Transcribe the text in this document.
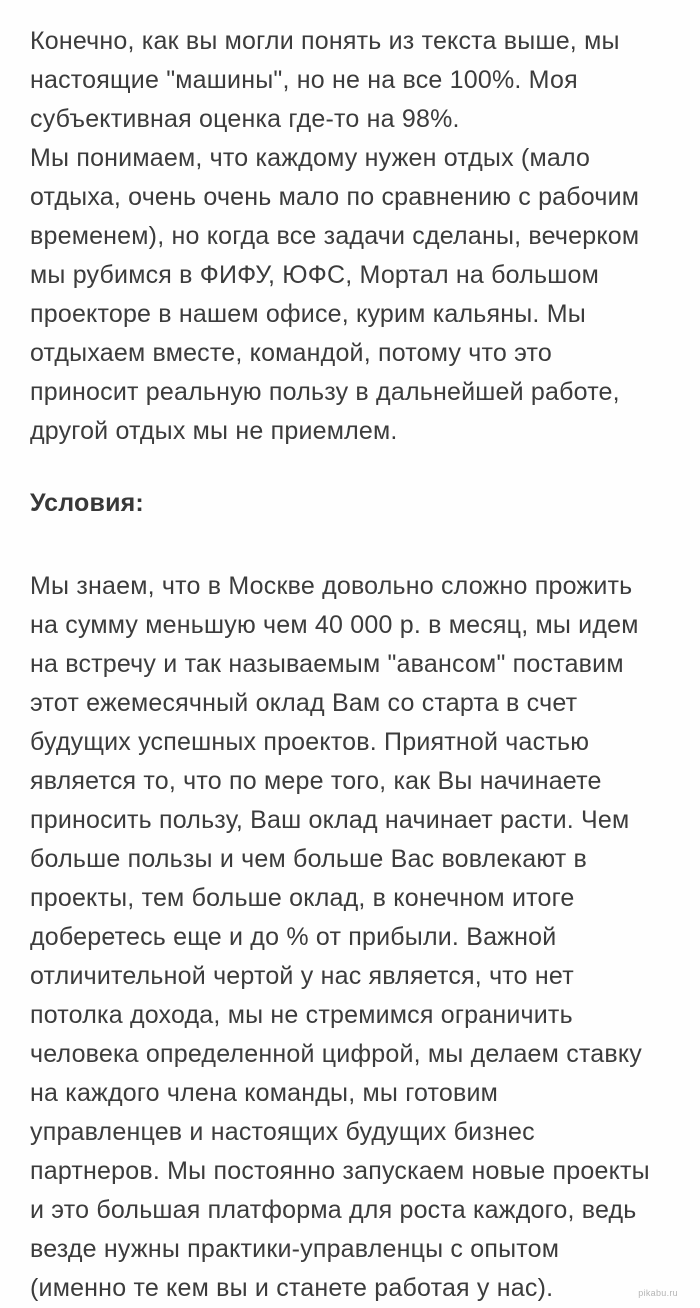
Конечно, как вы могли понять из текста выше, мы
настоящие "машины", но не на все 100%. Моя
субъективная оценка где-то на 98%.
Мы понимаем, что каждому нужен отдых (мало
отдыха, очень очень мало по сравнению с рабочим
временем), но когда все задачи сделаны, вечерком
мы рубимся в ФИФУ, ЮФС, Мортал на большом
проекторе в нашем офисе, курим кальяны. Мы
отдыхаем вместе, командой, потому что это
приносит реальную пользу в дальнейшей работе,
другой отдых мы не приемлем.
Условия:
Мы знаем, что в Москве довольно сложно прожить
на сумму меньшую чем 40 000 р. в месяц, мы идем
на встречу и так называемым "авансом" поставим
этот ежемесячный оклад Вам со старта в счет
будущих успешных проектов. Приятной частью
является то, что по мере того, как Вы начинаете
приносить пользу, Ваш оклад начинает расти. Чем
больше пользы и чем больше Вас вовлекают в
проекты, тем больше оклад, в конечном итоге
доберетесь еще и до % от прибыли. Важной
отличительной чертой у нас является, что нет
потолка дохода, мы не стремимся ограничить
человека определенной цифрой, мы делаем ставку
на каждого члена команды, мы готовим
управленцев и настоящих будущих бизнес
партнеров. Мы постоянно запускаем новые проекты
и это большая платформа для роста каждого, ведь
везде нужны практики-управленцы с опытом
(именно те кем вы и станете работая у нас).	pikabu.ru
